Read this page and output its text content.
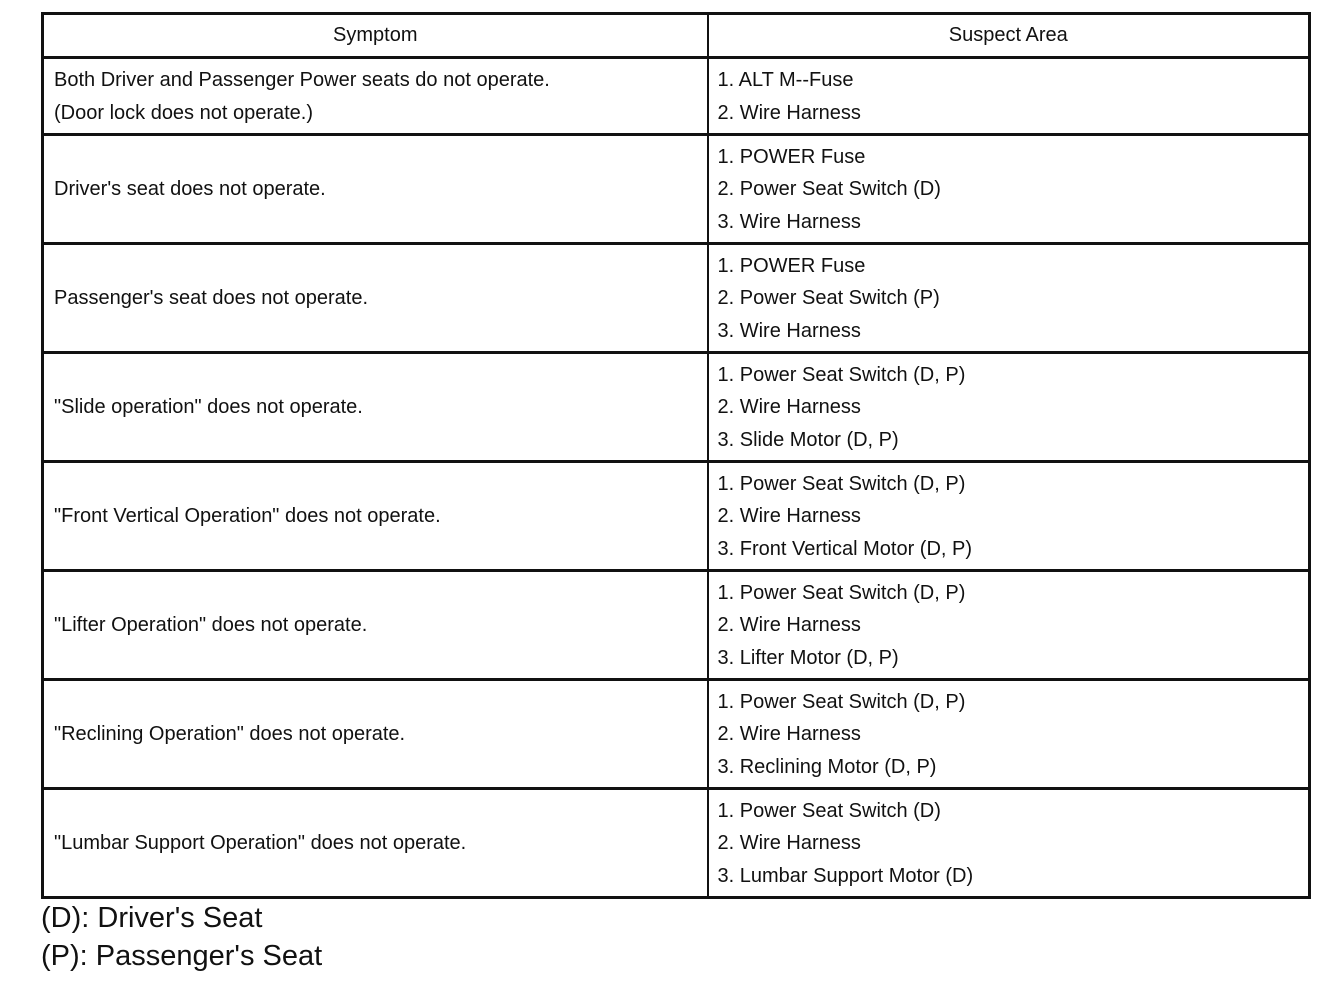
Symptom	Suspect Area

Both Driver and Passenger Power seats do not operate.
(Door lock does not operate.)	1. ALT M--Fuse
2. Wire Harness

Driver's seat does not operate.	1. POWER Fuse
2. Power Seat Switch (D)
3. Wire Harness

Passenger's seat does not operate.	1. POWER Fuse
2. Power Seat Switch (P)
3. Wire Harness

"Slide operation" does not operate.	1. Power Seat Switch (D, P)
2. Wire Harness
3. Slide Motor (D, P)

"Front Vertical Operation" does not operate.	1. Power Seat Switch (D, P)
2. Wire Harness
3. Front Vertical Motor (D, P)

"Lifter Operation" does not operate.	1. Power Seat Switch (D, P)
2. Wire Harness
3. Lifter Motor (D, P)

"Reclining Operation" does not operate.	1. Power Seat Switch (D, P)
2. Wire Harness
3. Reclining Motor (D, P)

"Lumbar Support Operation" does not operate.	1. Power Seat Switch (D)
2. Wire Harness
3. Lumbar Support Motor (D)
(D): Driver's Seat
(P): Passenger's Seat
